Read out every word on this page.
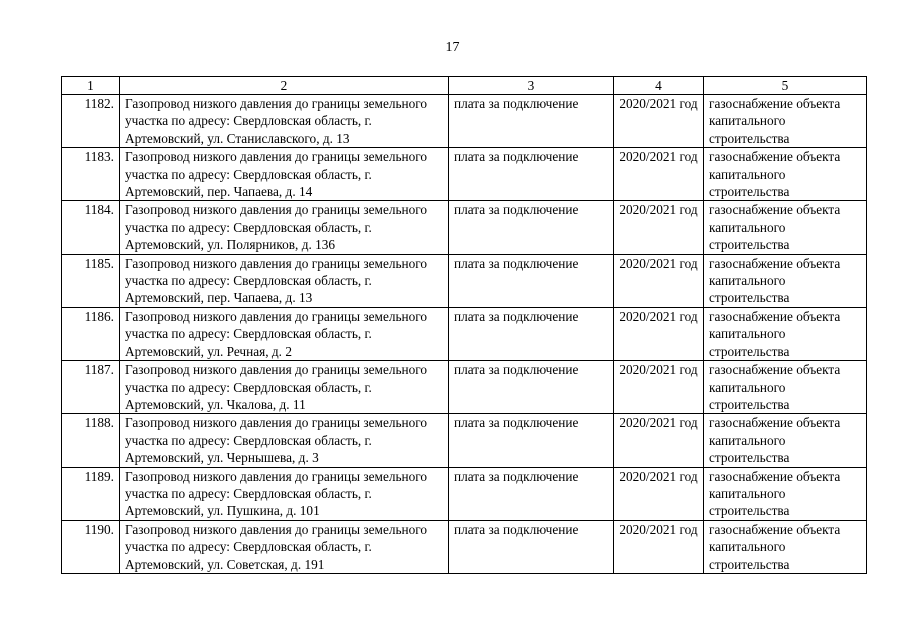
17
1	2	3	4	5
1182.	Газопровод низкого давления до границы земельного участка по адресу: Свердловская область, г. Артемовский, ул. Станиславского, д. 13	плата за подключение	2020/2021 год	газоснабжение объекта капитального строительства
1183.	Газопровод низкого давления до границы земельного участка по адресу: Свердловская область, г. Артемовский, пер. Чапаева, д. 14	плата за подключение	2020/2021 год	газоснабжение объекта капитального строительства
1184.	Газопровод низкого давления до границы земельного участка по адресу: Свердловская область, г. Артемовский, ул. Полярников, д. 136	плата за подключение	2020/2021 год	газоснабжение объекта капитального строительства
1185.	Газопровод низкого давления до границы земельного участка по адресу: Свердловская область, г. Артемовский, пер. Чапаева, д. 13	плата за подключение	2020/2021 год	газоснабжение объекта капитального строительства
1186.	Газопровод низкого давления до границы земельного участка по адресу: Свердловская область, г. Артемовский, ул. Речная, д. 2	плата за подключение	2020/2021 год	газоснабжение объекта капитального строительства
1187.	Газопровод низкого давления до границы земельного участка по адресу: Свердловская область, г. Артемовский, ул. Чкалова, д. 11	плата за подключение	2020/2021 год	газоснабжение объекта капитального строительства
1188.	Газопровод низкого давления до границы земельного участка по адресу: Свердловская область, г. Артемовский, ул. Чернышева, д. 3	плата за подключение	2020/2021 год	газоснабжение объекта капитального строительства
1189.	Газопровод низкого давления до границы земельного участка по адресу: Свердловская область, г. Артемовский, ул. Пушкина, д. 101	плата за подключение	2020/2021 год	газоснабжение объекта капитального строительства
1190.	Газопровод низкого давления до границы земельного участка по адресу: Свердловская область, г. Артемовский, ул. Советская, д. 191	плата за подключение	2020/2021 год	газоснабжение объекта капитального строительства
